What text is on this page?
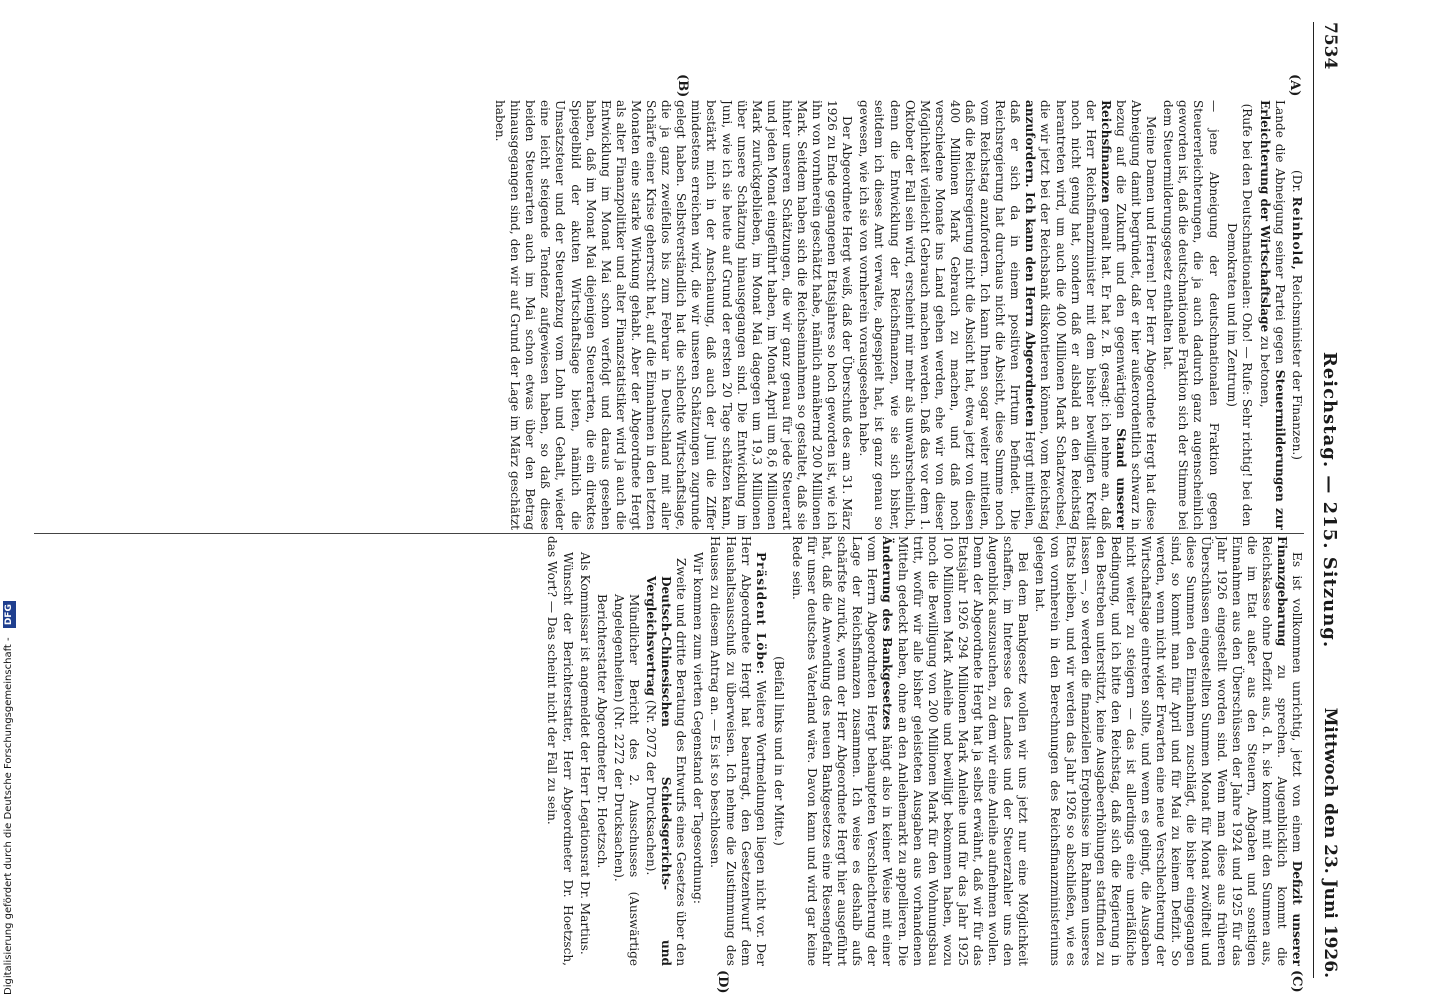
7534
Reichstag. — 215. Sitzung.
Mittwoch den 23. Juni 1926.
(A)
(B)
(C)
(D)

(Dr. Reinhold, Reichsminister der Finanzen.)

Lande die Abneigung seiner Partei gegen Steuermilderungen zur Erleichterung der Wirtschaftslage zu betonen,

(Rufe bei den Deutschnationalen: Oho! — Rufe: Sehr richtig! bei den Demokraten und im Zentrum)

— jene Abneigung der deutschnationalen Fraktion gegen Steuererleichterungen, die ja auch dadurch ganz augenscheinlich geworden ist, daß die deutschnationale Fraktion sich der Stimme bei dem Steuermilderungsgesetz enthalten hat.

Meine Damen und Herren! Der Herr Abgeordnete Hergt hat diese Abneigung damit begründet, daß er hier außerordentlich schwarz in bezug auf die Zukunft und den gegenwärtigen Stand unserer Reichsfinanzen gemalt hat. Er hat z. B. gesagt: ich nehme an, daß der Herr Reichsfinanzminister mit dem bisher bewilligten Kredit noch nicht genug hat, sondern daß er alsbald an den Reichstag herantreten wird, um auch die 400 Millionen Mark Schatzwechsel, die wir jetzt bei der Reichsbank diskontieren können, vom Reichstag anzufordern. Ich kann den Herrn Abgeordneten Hergt mitteilen, daß er sich da in einem positiven Irrtum befindet. Die Reichsregierung hat durchaus nicht die Absicht, diese Summe noch vom Reichstag anzufordern. Ich kann Ihnen sogar weiter mitteilen, daß die Reichsregierung nicht die Absicht hat, etwa jetzt von diesen 400 Millionen Mark Gebrauch zu machen, und daß noch verschiedene Monate ins Land gehen werden, ehe wir von dieser Möglichkeit vielleicht Gebrauch machen werden. Daß das vor dem 1. Oktober der Fall sein wird, erscheint mir mehr als unwahrscheinlich, denn die Entwicklung der Reichsfinanzen, wie sie sich bisher, seitdem ich dieses Amt verwalte, abgespielt hat, ist ganz genau so gewesen, wie ich sie von vornherein vorausgesehen habe.

Der Abgeordnete Hergt weiß, daß der Überschuß des am 31. März 1926 zu Ende gegangenen Etatsjahres so hoch geworden ist, wie ich ihn von vornherein geschätzt habe, nämlich annähernd 200 Millionen Mark. Seitdem haben sich die Reichseinnahmen so gestaltet, daß sie hinter unseren Schätzungen, die wir ganz genau für jede Steuerart und jeden Monat eingeführt haben, im Monat April um 8,6 Millionen Mark zurückgeblieben, im Monat Mai dagegen um 19,3 Millionen über unsere Schätzung hinausgegangen sind. Die Entwicklung im Juni, wie ich sie heute auf Grund der ersten 20 Tage schätzen kann, bestärkt mich in der Anschauung, daß auch der Juni die Ziffer mindestens erreichen wird, die wir unseren Schätzungen zugrunde gelegt haben. Selbstverständlich hat die schlechte Wirtschaftslage, die ja ganz zweifellos bis zum Februar in Deutschland mit aller Schärfe einer Krise geherrscht hat, auf die Einnahmen in den letzten Monaten eine starke Wirkung gehabt. Aber der Abgeordnete Hergt als alter Finanzpolitiker und alter Finanzstatistiker wird ja auch die Entwicklung im Monat Mai schon verfolgt und daraus gesehen haben, daß im Monat Mai diejenigen Steuerarten, die ein direktes Spiegelbild der akuten Wirtschaftslage bieten, nämlich die Umsatzsteuer und der Steuerabzug vom Lohn und Gehalt, wieder eine leicht steigende Tendenz aufgewiesen haben, so daß diese beiden Steuerarten auch im Mai schon etwas über den Betrag hinausgegangen sind, den wir auf Grund der Lage im März geschätzt haben.

Es ist vollkommen unrichtig, jetzt von einem Defizit unserer Finanzgebarung zu sprechen. Augenblicklich kommt die Reichskasse ohne Defizit aus, d. h. sie kommt mit den Summen aus, die im Etat außer aus den Steuern, Abgaben und sonstigen Einnahmen aus den Überschüssen der Jahre 1924 und 1925 für das Jahr 1926 eingestellt worden sind. Wenn man diese aus früheren Überschüssen eingestellten Summen Monat für Monat zwölftelt und diese Summen den Einnahmen zuschlägt, die bisher eingegangen sind, so kommt man für April und für Mai zu keinem Defizit. So werden, wenn nicht wider Erwarten eine neue Verschlechterung der Wirtschaftslage eintreten sollte, und wenn es gelingt, die Ausgaben nicht weiter zu steigern — das ist allerdings eine unerläßliche Bedingung, und ich bitte den Reichstag, daß sich die Regierung in den Bestreben unterstützt, keine Ausgabeerhöhungen stattfinden zu lassen —, so werden die finanziellen Ergebnisse im Rahmen unseres Etats bleiben, und wir werden das Jahr 1926 so abschließen, wie es von vornherein in den Berechnungen des Reichsfinanzministeriums gelegen hat.

Bei dem Bankgesetz wollen wir uns jetzt nur eine Möglichkeit schaffen, im Interesse des Landes und der Steuerzahler uns den Augenblick auszusuchen, zu dem wir eine Anleihe aufnehmen wollen. Denn der Abgeordnete Hergt hat ja selbst erwähnt, daß wir für das Etatsjahr 1926 294 Millionen Mark Anleihe und für das Jahr 1925 100 Millionen Mark Anleihe und bewilligt bekommen haben, wozu noch die Bewilligung von 200 Millionen Mark für den Wohnungsbau tritt, wofür wir alle bisher geleisteten Ausgaben aus vorhandenen Mitteln gedeckt haben, ohne an den Anleihemarkt zu appellieren. Die Änderung des Bankgesetzes hängt also in keiner Weise mit einer vom Herrn Abgeordneten Hergt behaupteten Verschlechterung der Lage der Reichsfinanzen zusammen. Ich weise es deshalb aufs schärfste zurück, wenn der Herr Abgeordnete Hergt hier ausgeführt hat, daß die Anwendung des neuen Bankgesetzes eine Riesengefahr für unser deutsches Vaterland wäre. Davon kann und wird gar keine Rede sein.

(Beifall links und in der Mitte.)

Präsident Löbe: Weitere Wortmeldungen liegen nicht vor. Der Herr Abgeordnete Hergt hat beantragt, den Gesetzentwurf dem Haushaltsausschuß zu überweisen. Ich nehme die Zustimmung des Hauses zu diesem Antrag an. — Es ist so beschlossen.

Wir kommen zum vierten Gegenstand der Tagesordnung:

Zweite und dritte Beratung des Entwurfs eines Gesetzes über den Deutsch-Chinesischen Schiedsgerichts- und Vergleichsvertrag (Nr. 2072 der Drucksachen).

Mündlicher Bericht des 2. Ausschusses (Auswärtige Angelegenheiten) (Nr. 2272 der Drucksachen).

Berichterstatter Abgeordneter Dr. Hoetzsch.

Als Kommissar ist angemeldet der Herr Legationsrat Dr. Martius.

Wünscht der Berichterstatter, Herr Abgeordneter Dr. Hoetzsch, das Wort? — Das scheint nicht der Fall zu sein.

Digitalisierung gefördert durch die Deutsche Forschungsgemeinschaft - DFG
